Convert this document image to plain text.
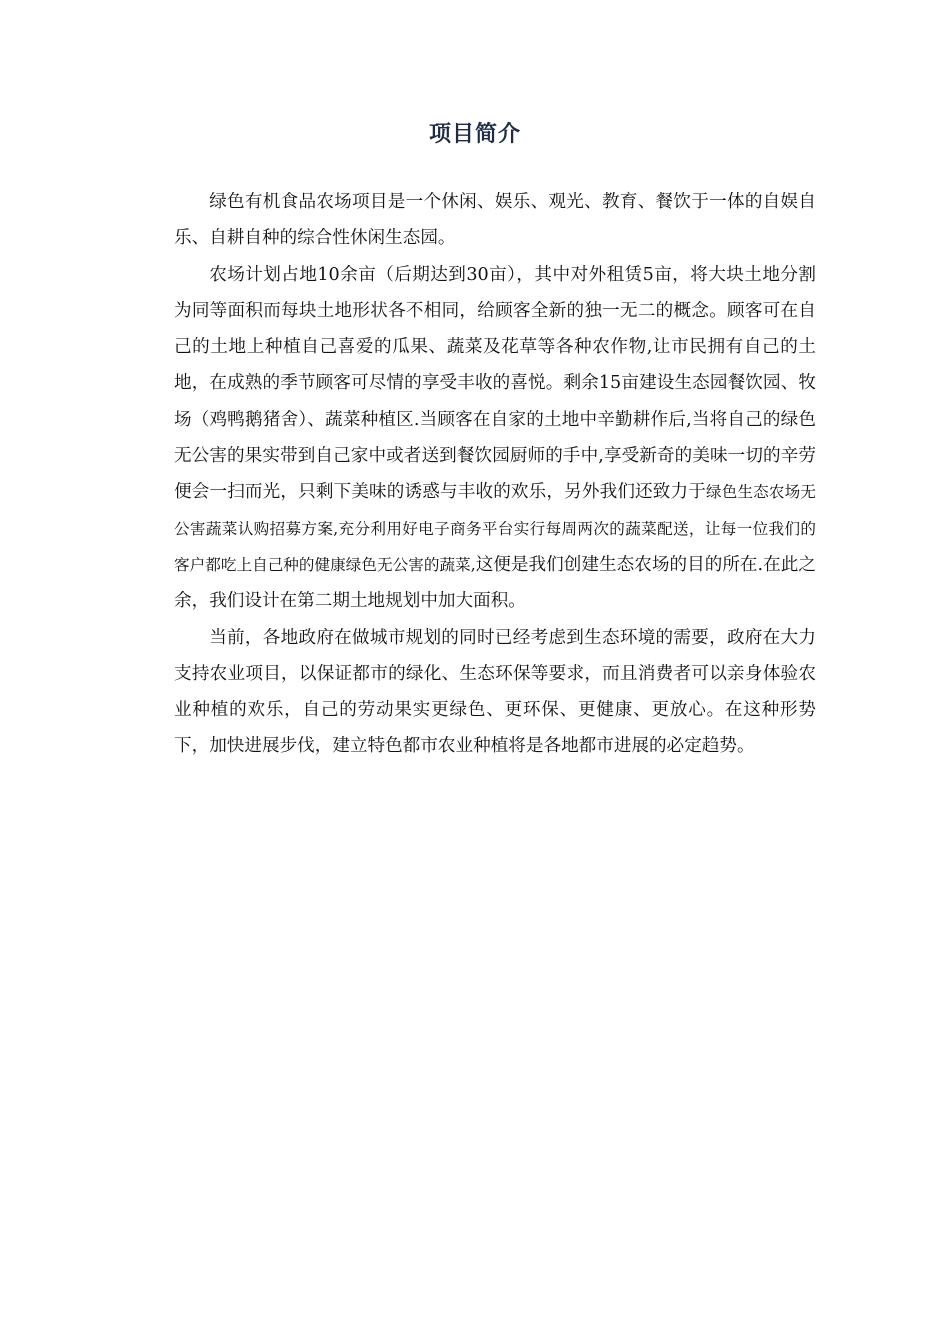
项目简介

绿色有机食品农场项目是一个休闲、娱乐、观光、教育、餐饮于一体的自娱自乐、自耕自种的综合性休闲生态园。

农场计划占地10余亩（后期达到30亩），其中对外租赁5亩，将大块土地分割为同等面积而每块土地形状各不相同，给顾客全新的独一无二的概念。顾客可在自己的土地上种植自己喜爱的瓜果、蔬菜及花草等各种农作物,让市民拥有自己的土地，在成熟的季节顾客可尽情的享受丰收的喜悦。剩余15亩建设生态园餐饮园、牧场（鸡鸭鹅猪舍）、蔬菜种植区.当顾客在自家的土地中辛勤耕作后,当将自己的绿色无公害的果实带到自己家中或者送到餐饮园厨师的手中,享受新奇的美味一切的辛劳便会一扫而光，只剩下美味的诱惑与丰收的欢乐，另外我们还致力于绿色生态农场无公害蔬菜认购招募方案,充分利用好电子商务平台实行每周两次的蔬菜配送，让每一位我们的客户都吃上自己种的健康绿色无公害的蔬菜,这便是我们创建生态农场的目的所在.在此之余，我们设计在第二期土地规划中加大面积。

当前，各地政府在做城市规划的同时已经考虑到生态环境的需要，政府在大力支持农业项目，以保证都市的绿化、生态环保等要求，而且消费者可以亲身体验农业种植的欢乐，自己的劳动果实更绿色、更环保、更健康、更放心。在这种形势下，加快进展步伐，建立特色都市农业种植将是各地都市进展的必定趋势。
